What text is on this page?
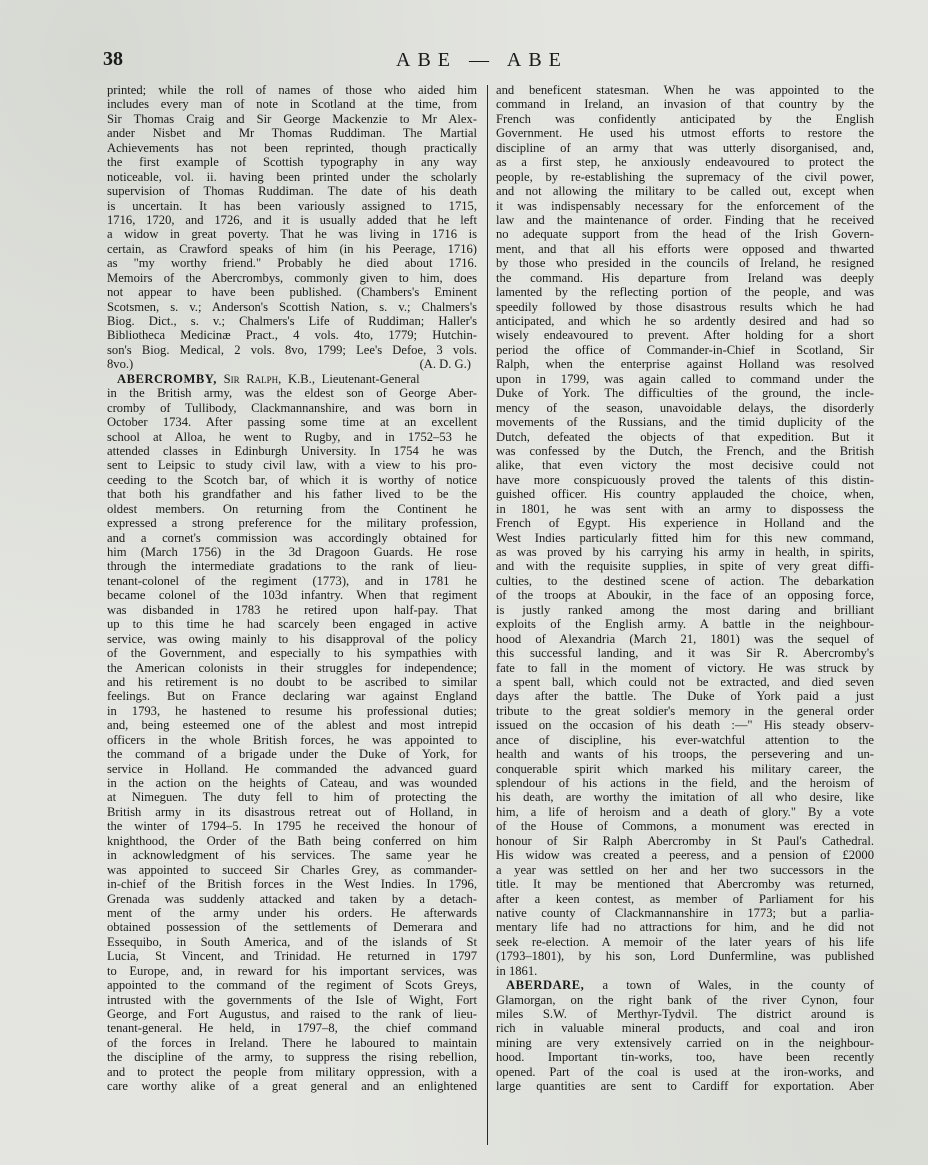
38	ABE — ABE
printed; while the roll of names of those who aided him
includes every man of note in Scotland at the time, from
Sir Thomas Craig and Sir George Mackenzie to Mr Alex-
ander Nisbet and Mr Thomas Ruddiman. The Martial
Achievements has not been reprinted, though practically
the first example of Scottish typography in any way
noticeable, vol. ii. having been printed under the scholarly
supervision of Thomas Ruddiman. The date of his death
is uncertain. It has been variously assigned to 1715,
1716, 1720, and 1726, and it is usually added that he left
a widow in great poverty. That he was living in 1716 is
certain, as Crawford speaks of him (in his Peerage, 1716)
as "my worthy friend." Probably he died about 1716.
Memoirs of the Abercrombys, commonly given to him, does
not appear to have been published. (Chambers's Eminent
Scotsmen, s. v.; Anderson's Scottish Nation, s. v.; Chalmers's
Biog. Dict., s. v.; Chalmers's Life of Ruddiman; Haller's
Bibliotheca Medicinæ Pract., 4 vols. 4to, 1779; Hutchin-
son's Biog. Medical, 2 vols. 8vo, 1799; Lee's Defoe, 3 vols.
8vo.)	(A. D. G.)
ABERCROMBY, Sir Ralph, K.B., Lieutenant-General
in the British army, was the eldest son of George Aber-
cromby of Tullibody, Clackmannanshire, and was born in
October 1734. After passing some time at an excellent
school at Alloa, he went to Rugby, and in 1752–53 he
attended classes in Edinburgh University. In 1754 he was
sent to Leipsic to study civil law, with a view to his pro-
ceeding to the Scotch bar, of which it is worthy of notice
that both his grandfather and his father lived to be the
oldest members. On returning from the Continent he
expressed a strong preference for the military profession,
and a cornet's commission was accordingly obtained for
him (March 1756) in the 3d Dragoon Guards. He rose
through the intermediate gradations to the rank of lieu-
tenant-colonel of the regiment (1773), and in 1781 he
became colonel of the 103d infantry. When that regiment
was disbanded in 1783 he retired upon half-pay. That
up to this time he had scarcely been engaged in active
service, was owing mainly to his disapproval of the policy
of the Government, and especially to his sympathies with
the American colonists in their struggles for independence;
and his retirement is no doubt to be ascribed to similar
feelings. But on France declaring war against England
in 1793, he hastened to resume his professional duties;
and, being esteemed one of the ablest and most intrepid
officers in the whole British forces, he was appointed to
the command of a brigade under the Duke of York, for
service in Holland. He commanded the advanced guard
in the action on the heights of Cateau, and was wounded
at Nimeguen. The duty fell to him of protecting the
British army in its disastrous retreat out of Holland, in
the winter of 1794–5. In 1795 he received the honour of
knighthood, the Order of the Bath being conferred on him
in acknowledgment of his services. The same year he
was appointed to succeed Sir Charles Grey, as commander-
in-chief of the British forces in the West Indies. In 1796,
Grenada was suddenly attacked and taken by a detach-
ment of the army under his orders. He afterwards
obtained possession of the settlements of Demerara and
Essequibo, in South America, and of the islands of St
Lucia, St Vincent, and Trinidad. He returned in 1797
to Europe, and, in reward for his important services, was
appointed to the command of the regiment of Scots Greys,
intrusted with the governments of the Isle of Wight, Fort
George, and Fort Augustus, and raised to the rank of lieu-
tenant-general. He held, in 1797–8, the chief command
of the forces in Ireland. There he laboured to maintain
the discipline of the army, to suppress the rising rebellion,
and to protect the people from military oppression, with a
care worthy alike of a great general and an enlightened
and beneficent statesman. When he was appointed to the
command in Ireland, an invasion of that country by the
French was confidently anticipated by the English
Government. He used his utmost efforts to restore the
discipline of an army that was utterly disorganised, and,
as a first step, he anxiously endeavoured to protect the
people, by re-establishing the supremacy of the civil power,
and not allowing the military to be called out, except when
it was indispensably necessary for the enforcement of the
law and the maintenance of order. Finding that he received
no adequate support from the head of the Irish Govern-
ment, and that all his efforts were opposed and thwarted
by those who presided in the councils of Ireland, he resigned
the command. His departure from Ireland was deeply
lamented by the reflecting portion of the people, and was
speedily followed by those disastrous results which he had
anticipated, and which he so ardently desired and had so
wisely endeavoured to prevent. After holding for a short
period the office of Commander-in-Chief in Scotland, Sir
Ralph, when the enterprise against Holland was resolved
upon in 1799, was again called to command under the
Duke of York. The difficulties of the ground, the incle-
mency of the season, unavoidable delays, the disorderly
movements of the Russians, and the timid duplicity of the
Dutch, defeated the objects of that expedition. But it
was confessed by the Dutch, the French, and the British
alike, that even victory the most decisive could not
have more conspicuously proved the talents of this distin-
guished officer. His country applauded the choice, when,
in 1801, he was sent with an army to dispossess the
French of Egypt. His experience in Holland and the
West Indies particularly fitted him for this new command,
as was proved by his carrying his army in health, in spirits,
and with the requisite supplies, in spite of very great diffi-
culties, to the destined scene of action. The debarkation
of the troops at Aboukir, in the face of an opposing force,
is justly ranked among the most daring and brilliant
exploits of the English army. A battle in the neighbour-
hood of Alexandria (March 21, 1801) was the sequel of
this successful landing, and it was Sir R. Abercromby's
fate to fall in the moment of victory. He was struck by
a spent ball, which could not be extracted, and died seven
days after the battle. The Duke of York paid a just
tribute to the great soldier's memory in the general order
issued on the occasion of his death :—" His steady observ-
ance of discipline, his ever-watchful attention to the
health and wants of his troops, the persevering and un-
conquerable spirit which marked his military career, the
splendour of his actions in the field, and the heroism of
his death, are worthy the imitation of all who desire, like
him, a life of heroism and a death of glory." By a vote
of the House of Commons, a monument was erected in
honour of Sir Ralph Abercromby in St Paul's Cathedral.
His widow was created a peeress, and a pension of £2000
a year was settled on her and her two successors in the
title. It may be mentioned that Abercromby was returned,
after a keen contest, as member of Parliament for his
native county of Clackmannanshire in 1773; but a parlia-
mentary life had no attractions for him, and he did not
seek re-election. A memoir of the later years of his life
(1793–1801), by his son, Lord Dunfermline, was published
in 1861.
ABERDARE, a town of Wales, in the county of
Glamorgan, on the right bank of the river Cynon, four
miles S.W. of Merthyr-Tydvil. The district around is
rich in valuable mineral products, and coal and iron
mining are very extensively carried on in the neighbour-
hood. Important tin-works, too, have been recently
opened. Part of the coal is used at the iron-works, and
large quantities are sent to Cardiff for exportation. Aber
